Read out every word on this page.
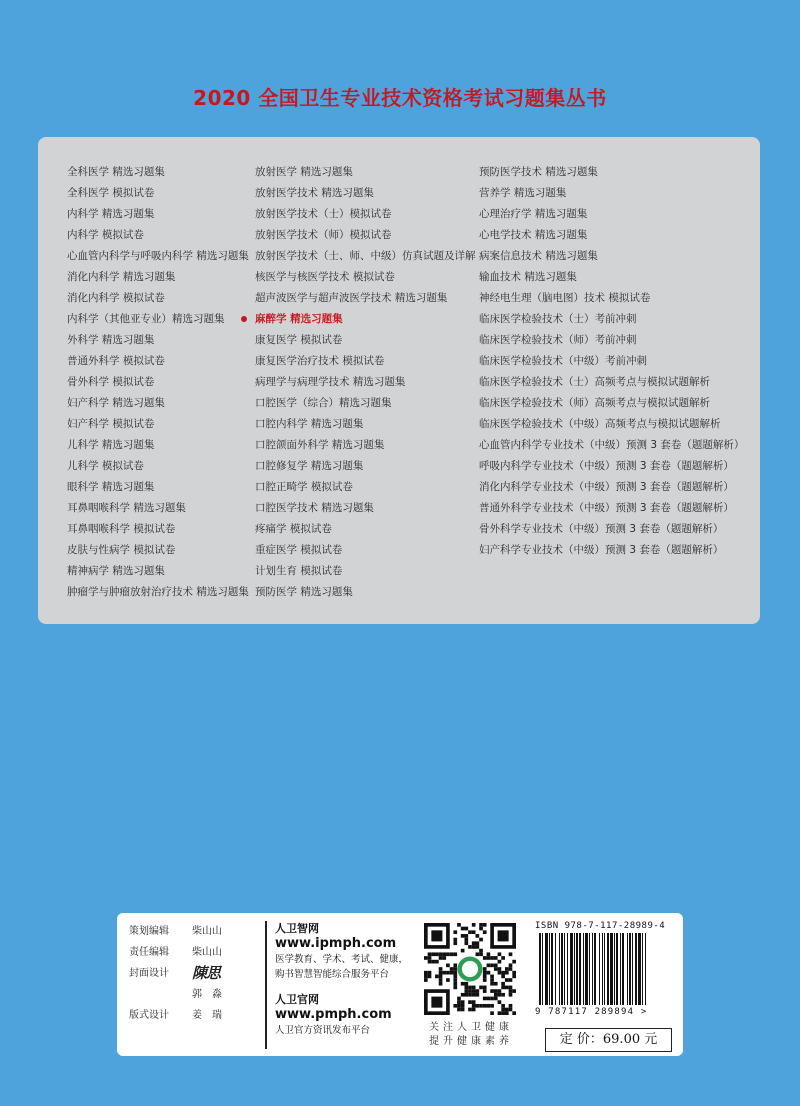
2020 全国卫生专业技术资格考试习题集丛书
全科医学 精选习题集
全科医学 模拟试卷
内科学 精选习题集
内科学 模拟试卷
心血管内科学与呼吸内科学 精选习题集
消化内科学 精选习题集
消化内科学 模拟试卷
内科学（其他亚专业）精选习题集
外科学 精选习题集
普通外科学 模拟试卷
骨外科学 模拟试卷
妇产科学 精选习题集
妇产科学 模拟试卷
儿科学 精选习题集
儿科学 模拟试卷
眼科学 精选习题集
耳鼻咽喉科学 精选习题集
耳鼻咽喉科学 模拟试卷
皮肤与性病学 模拟试卷
精神病学 精选习题集
肿瘤学与肿瘤放射治疗技术 精选习题集
放射医学 精选习题集
放射医学技术 精选习题集
放射医学技术（士）模拟试卷
放射医学技术（师）模拟试卷
放射医学技术（士、师、中级）仿真试题及详解
核医学与核医学技术 模拟试卷
超声波医学与超声波医学技术 精选习题集
麻醉学 精选习题集
康复医学 模拟试卷
康复医学治疗技术 模拟试卷
病理学与病理学技术 精选习题集
口腔医学（综合）精选习题集
口腔内科学 精选习题集
口腔颌面外科学 精选习题集
口腔修复学 精选习题集
口腔正畸学 模拟试卷
口腔医学技术 精选习题集
疼痛学 模拟试卷
重症医学 模拟试卷
计划生育 模拟试卷
预防医学 精选习题集
预防医学技术 精选习题集
营养学 精选习题集
心理治疗学 精选习题集
心电学技术 精选习题集
病案信息技术 精选习题集
输血技术 精选习题集
神经电生理（脑电图）技术 模拟试卷
临床医学检验技术（士）考前冲刺
临床医学检验技术（师）考前冲刺
临床医学检验技术（中级）考前冲刺
临床医学检验技术（士）高频考点与模拟试题解析
临床医学检验技术（师）高频考点与模拟试题解析
临床医学检验技术（中级）高频考点与模拟试题解析
心血管内科学专业技术（中级）预测 3 套卷（题题解析）
呼吸内科学专业技术（中级）预测 3 套卷（题题解析）
消化内科学专业技术（中级）预测 3 套卷（题题解析）
普通外科学专业技术（中级）预测 3 套卷（题题解析）
骨外科学专业技术（中级）预测 3 套卷（题题解析）
妇产科学专业技术（中级）预测 3 套卷（题题解析）
策划编辑	柴山山
责任编辑	柴山山
封面设计	陳思
郭　淼
版式设计	姜　瑞
人卫智网
www.ipmph.com
医学教育、学术、考试、健康，
购书智慧智能综合服务平台
人卫官网
www.pmph.com
人卫官方资讯发布平台	关注人卫健康
提升健康素养
ISBN 978-7-117-28989-4
9 787117 289894 >
定 价：69.00 元
